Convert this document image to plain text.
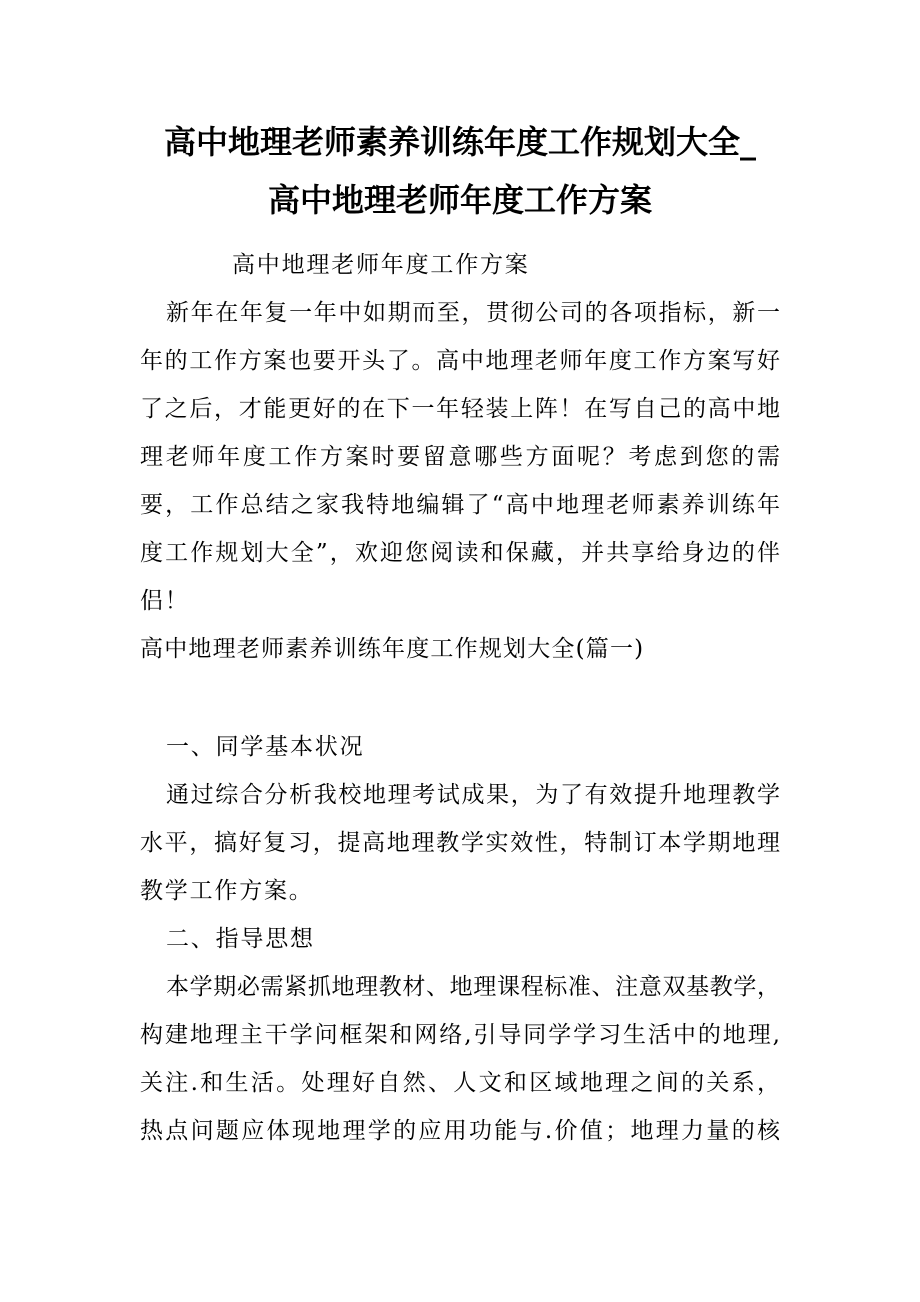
高中地理老师素养训练年度工作规划大全_
高中地理老师年度工作方案
高中地理老师年度工作方案
新年在年复一年中如期而至，贯彻公司的各项指标，新一
年的工作方案也要开头了。高中地理老师年度工作方案写好
了之后，才能更好的在下一年轻装上阵！在写自己的高中地
理老师年度工作方案时要留意哪些方面呢？考虑到您的需
要，工作总结之家我特地编辑了“高中地理老师素养训练年
度工作规划大全”，欢迎您阅读和保藏，并共享给身边的伴
侣！
高中地理老师素养训练年度工作规划大全(篇一)
一、同学基本状况
通过综合分析我校地理考试成果，为了有效提升地理教学
水平，搞好复习，提高地理教学实效性，特制订本学期地理
教学工作方案。
二、指导思想
本学期必需紧抓地理教材、地理课程标准、注意双基教学，
构建地理主干学问框架和网络,引导同学学习生活中的地理,
关注.和生活。处理好自然、人文和区域地理之间的关系，
热点问题应体现地理学的应用功能与.价值；地理力量的核
